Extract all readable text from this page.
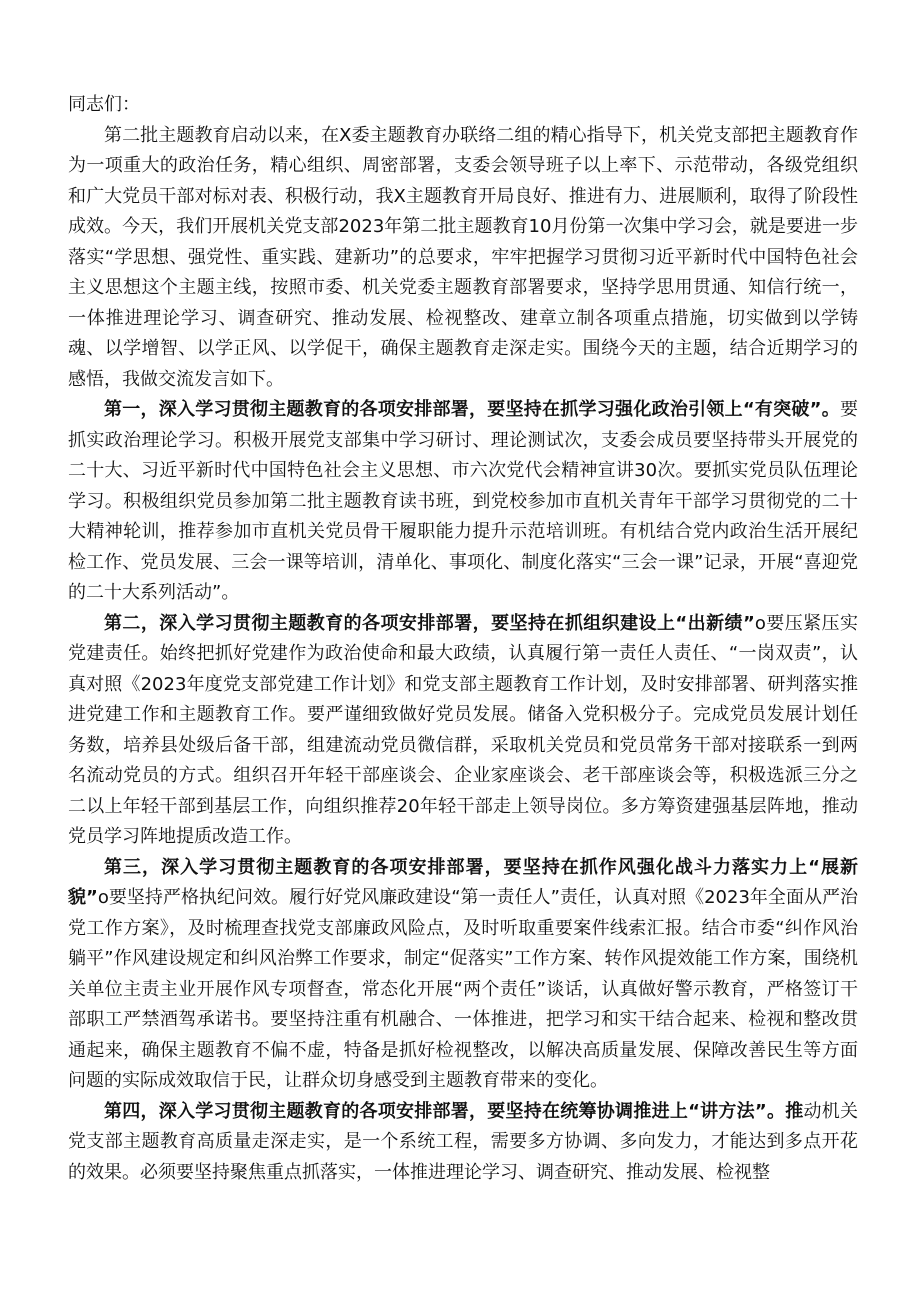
同志们：

第二批主题教育启动以来，在X委主题教育办联络二组的精心指导下，机关党支部把主题教育作为一项重大的政治任务，精心组织、周密部署，支委会领导班子以上率下、示范带动，各级党组织和广大党员干部对标对表、积极行动，我X主题教育开局良好、推进有力、进展顺利，取得了阶段性成效。今天，我们开展机关党支部2023年第二批主题教育10月份第一次集中学习会，就是要进一步落实“学思想、强党性、重实践、建新功”的总要求，牢牢把握学习贯彻习近平新时代中国特色社会主义思想这个主题主线，按照市委、机关党委主题教育部署要求，坚持学思用贯通、知信行统一，一体推进理论学习、调查研究、推动发展、检视整改、建章立制各项重点措施，切实做到以学铸魂、以学增智、以学正风、以学促干，确保主题教育走深走实。围绕今天的主题，结合近期学习的感悟，我做交流发言如下。

第一，深入学习贯彻主题教育的各项安排部署，要坚持在抓学习强化政治引领上“有突破”。要抓实政治理论学习。积极开展党支部集中学习研讨、理论测试次，支委会成员要坚持带头开展党的二十大、习近平新时代中国特色社会主义思想、市六次党代会精神宣讲30次。要抓实党员队伍理论学习。积极组织党员参加第二批主题教育读书班，到党校参加市直机关青年干部学习贯彻党的二十大精神轮训，推荐参加市直机关党员骨干履职能力提升示范培训班。有机结合党内政治生活开展纪检工作、党员发展、三会一课等培训，清单化、事项化、制度化落实“三会一课”记录，开展“喜迎党的二十大系列活动”。

第二，深入学习贯彻主题教育的各项安排部署，要坚持在抓组织建设上“出新绩”o要压紧压实党建责任。始终把抓好党建作为政治使命和最大政绩，认真履行第一责任人责任、“一岗双责”，认真对照《2023年度党支部党建工作计划》和党支部主题教育工作计划，及时安排部署、研判落实推进党建工作和主题教育工作。要严谨细致做好党员发展。储备入党积极分子。完成党员发展计划任务数，培养县处级后备干部，组建流动党员微信群，采取机关党员和党员常务干部对接联系一到两名流动党员的方式。组织召开年轻干部座谈会、企业家座谈会、老干部座谈会等，积极选派三分之二以上年轻干部到基层工作，向组织推荐20年轻干部走上领导岗位。多方筹资建强基层阵地，推动党员学习阵地提质改造工作。

第三，深入学习贯彻主题教育的各项安排部署，要坚持在抓作风强化战斗力落实力上“展新貌”o要坚持严格执纪问效。履行好党风廉政建设“第一责任人”责任，认真对照《2023年全面从严治党工作方案》，及时梳理查找党支部廉政风险点，及时听取重要案件线索汇报。结合市委“纠作风治躺平”作风建设规定和纠风治弊工作要求，制定“促落实”工作方案、转作风提效能工作方案，围绕机关单位主责主业开展作风专项督查，常态化开展“两个责任”谈话，认真做好警示教育，严格签订干部职工严禁酒驾承诺书。要坚持注重有机融合、一体推进，把学习和实干结合起来、检视和整改贯通起来，确保主题教育不偏不虚，特备是抓好检视整改，以解决高质量发展、保障改善民生等方面问题的实际成效取信于民，让群众切身感受到主题教育带来的变化。

第四，深入学习贯彻主题教育的各项安排部署，要坚持在统筹协调推进上“讲方法”。推动机关党支部主题教育高质量走深走实，是一个系统工程，需要多方协调、多向发力，才能达到多点开花的效果。必须要坚持聚焦重点抓落实，一体推进理论学习、调查研究、推动发展、检视整
